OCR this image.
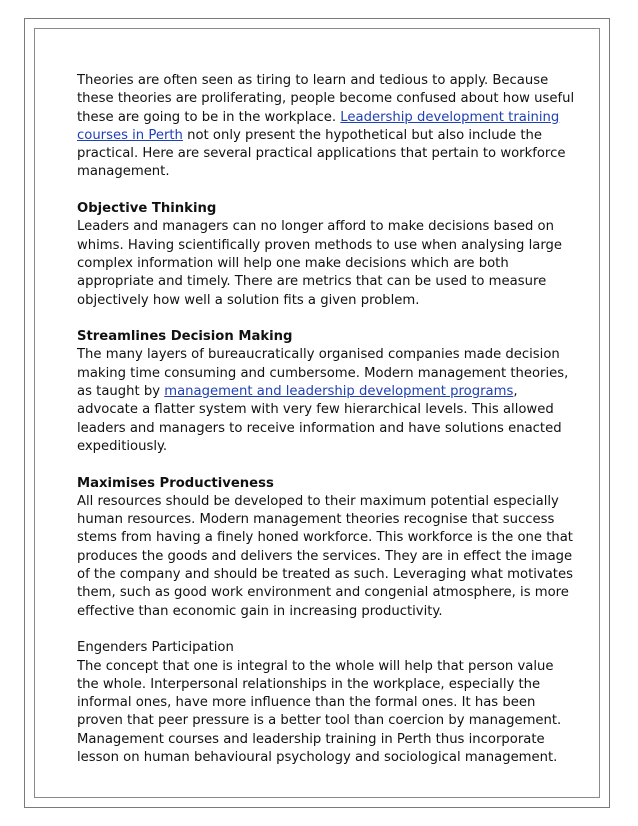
Theories are often seen as tiring to learn and tedious to apply. Because these theories are proliferating, people become confused about how useful these are going to be in the workplace. Leadership development training courses in Perth not only present the hypothetical but also include the practical. Here are several practical applications that pertain to workforce management.

Objective Thinking
Leaders and managers can no longer afford to make decisions based on whims. Having scientifically proven methods to use when analysing large complex information will help one make decisions which are both appropriate and timely. There are metrics that can be used to measure objectively how well a solution fits a given problem.

Streamlines Decision Making
The many layers of bureaucratically organised companies made decision making time consuming and cumbersome. Modern management theories, as taught by management and leadership development programs, advocate a flatter system with very few hierarchical levels. This allowed leaders and managers to receive information and have solutions enacted expeditiously.

Maximises Productiveness
All resources should be developed to their maximum potential especially human resources. Modern management theories recognise that success stems from having a finely honed workforce. This workforce is the one that produces the goods and delivers the services. They are in effect the image of the company and should be treated as such. Leveraging what motivates them, such as good work environment and congenial atmosphere, is more effective than economic gain in increasing productivity.

Engenders Participation
The concept that one is integral to the whole will help that person value the whole. Interpersonal relationships in the workplace, especially the informal ones, have more influence than the formal ones. It has been proven that peer pressure is a better tool than coercion by management. Management courses and leadership training in Perth thus incorporate lesson on human behavioural psychology and sociological management.
